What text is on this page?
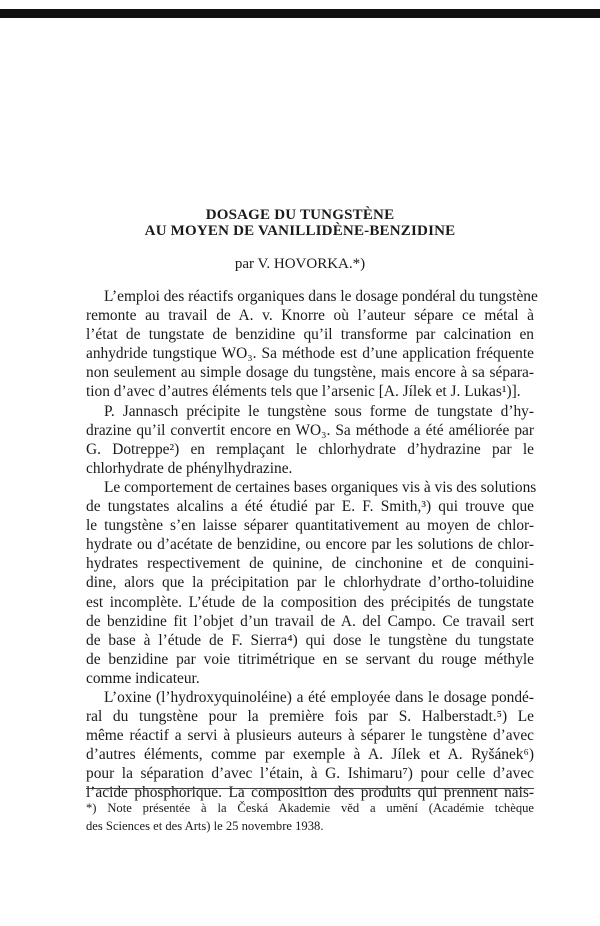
DOSAGE DU TUNGSTÈNE
AU MOYEN DE VANILLIDÈNE-BENZIDINE
par V. HOVORKA.*)
L’emploi des réactifs organiques dans le dosage pondéral du tungstène
remonte au travail de A. v. Knorre où l’auteur sépare ce métal à
l’état de tungstate de benzidine qu’il transforme par calcination en
anhydride tungstique WO₃. Sa méthode est d’une application fréquente
non seulement au simple dosage du tungstène, mais encore à sa sépara-
tion d’avec d’autres éléments tels que l’arsenic [A. Jílek et J. Lukas¹)].
P. Jannasch précipite le tungstène sous forme de tungstate d’hy-
drazine qu’il convertit encore en WO₃. Sa méthode a été améliorée par
G. Dotreppe²) en remplaçant le chlorhydrate d’hydrazine par le
chlorhydrate de phénylhydrazine.
Le comportement de certaines bases organiques vis à vis des solutions
de tungstates alcalins a été étudié par E. F. Smith,³) qui trouve que
le tungstène s’en laisse séparer quantitativement au moyen de chlor-
hydrate ou d’acétate de benzidine, ou encore par les solutions de chlor-
hydrates respectivement de quinine, de cinchonine et de conquini-
dine, alors que la précipitation par le chlorhydrate d’ortho-toluidine
est incomplète. L’étude de la composition des précipités de tungstate
de benzidine fit l’objet d’un travail de A. del Campo. Ce travail sert
de base à l’étude de F. Sierra⁴) qui dose le tungstène du tungstate
de benzidine par voie titrimétrique en se servant du rouge méthyle
comme indicateur.
L’oxine (l’hydroxyquinoléine) a été employée dans le dosage pondé-
ral du tungstène pour la première fois par S. Halberstadt.⁵) Le
même réactif a servi à plusieurs auteurs à séparer le tungstène d’avec
d’autres éléments, comme par exemple à A. Jílek et A. Ryšánek⁶)
pour la séparation d’avec l’étain, à G. Ishimaru⁷) pour celle d’avec
l’acide phosphorique. La composition des produits qui prennent nais-
*) Note présentée à la Česká Akademie věd a umění (Académie tchèque
des Sciences et des Arts) le 25 novembre 1938.
